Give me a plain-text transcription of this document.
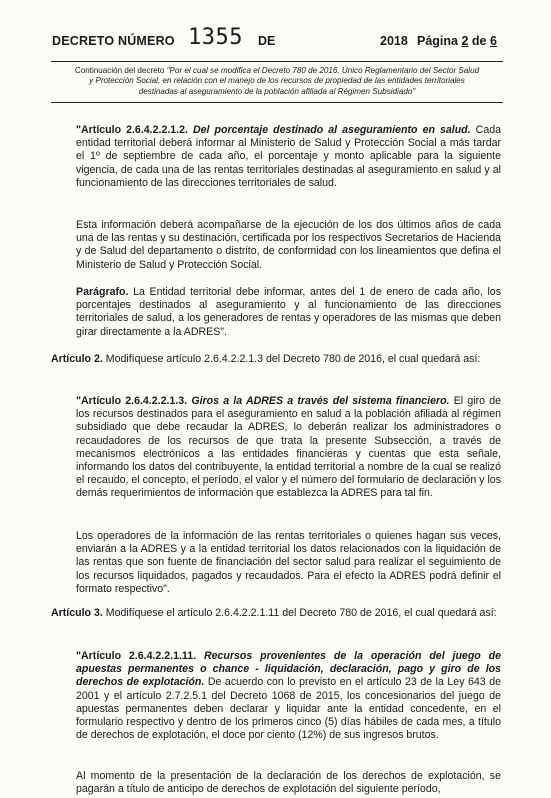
DECRETO NÚMERO 1355 DE	2018 Página 2 de 6
Continuación del decreto "Por el cual se modifica el Decreto 780 de 2016, Único Reglamentario del Sector Salud
y Protección Social, en relación con el manejo de los recursos de propiedad de las entidades territoriales
destinadas al aseguramiento de la población afiliada al Régimen Subsidiado"
"Artículo 2.6.4.2.2.1.2. Del porcentaje destinado al aseguramiento en salud. Cada entidad territorial deberá informar al Ministerio de Salud y Protección Social a más tardar el 1º de septiembre de cada año, el porcentaje y monto aplicable para la siguiente vigencia, de cada una de las rentas territoriales destinadas al aseguramiento en salud y al funcionamiento de las direcciones territoriales de salud.
Esta información deberá acompañarse de la ejecución de los dos últimos años de cada una de las rentas y su destinación, certificada por los respectivos Secretarios de Hacienda y de Salud del departamento o distrito, de conformidad con los lineamientos que defina el Ministerio de Salud y Protección Social.
Parágrafo. La Entidad territorial debe informar, antes del 1 de enero de cada año, los porcentajes destinados al aseguramiento y al funcionamiento de las direcciones territoriales de salud, a los generadores de rentas y operadores de las mismas que deben girar directamente a la ADRES".
Artículo 2. Modifíquese artículo 2.6.4.2.2.1.3 del Decreto 780 de 2016, el cual quedará así:
"Artículo 2.6.4.2.2.1.3. Giros a la ADRES a través del sistema financiero. El giro de los recursos destinados para el aseguramiento en salud a la población afiliada al régimen subsidiado que debe recaudar la ADRES, lo deberán realizar los administradores o recaudadores de los recursos de que trata la presente Subsección, a través de mecanismos electrónicos a las entidades financieras y cuentas que esta señale, informando los datos del contribuyente, la entidad territorial a nombre de la cual se realizó el recaudo, el concepto, el período, el valor y el número del formulario de declaración y los demás requerimientos de información que establezca la ADRES para tal fin.
Los operadores de la información de las rentas territoriales o quienes hagan sus veces, enviarán a la ADRES y a la entidad territorial los datos relacionados con la liquidación de las rentas que son fuente de financiación del sector salud para realizar el seguimiento de los recursos liquidados, pagados y recaudados. Para el efecto la ADRES podrá definir el formato respectivo".
Artículo 3. Modifíquese el artículo 2.6.4.2.2.1.11 del Decreto 780 de 2016, el cual quedará así:
"Artículo 2.6.4.2.2.1.11. Recursos provenientes de la operación del juego de apuestas permanentes o chance - liquidación, declaración, pago y giro de los derechos de explotación. De acuerdo con lo previsto en el artículo 23 de la Ley 643 de 2001 y el artículo 2.7.2.5.1 del Decreto 1068 de 2015, los concesionarios del juego de apuestas permanentes deben declarar y liquidar ante la entidad concedente, en el formulario respectivo y dentro de los primeros cinco (5) días hábiles de cada mes, a título de derechos de explotación, el doce por ciento (12%) de sus ingresos brutos.
Al momento de la presentación de la declaración de los derechos de explotación, se pagarán a título de anticipo de derechos de explotación del siguiente período,
